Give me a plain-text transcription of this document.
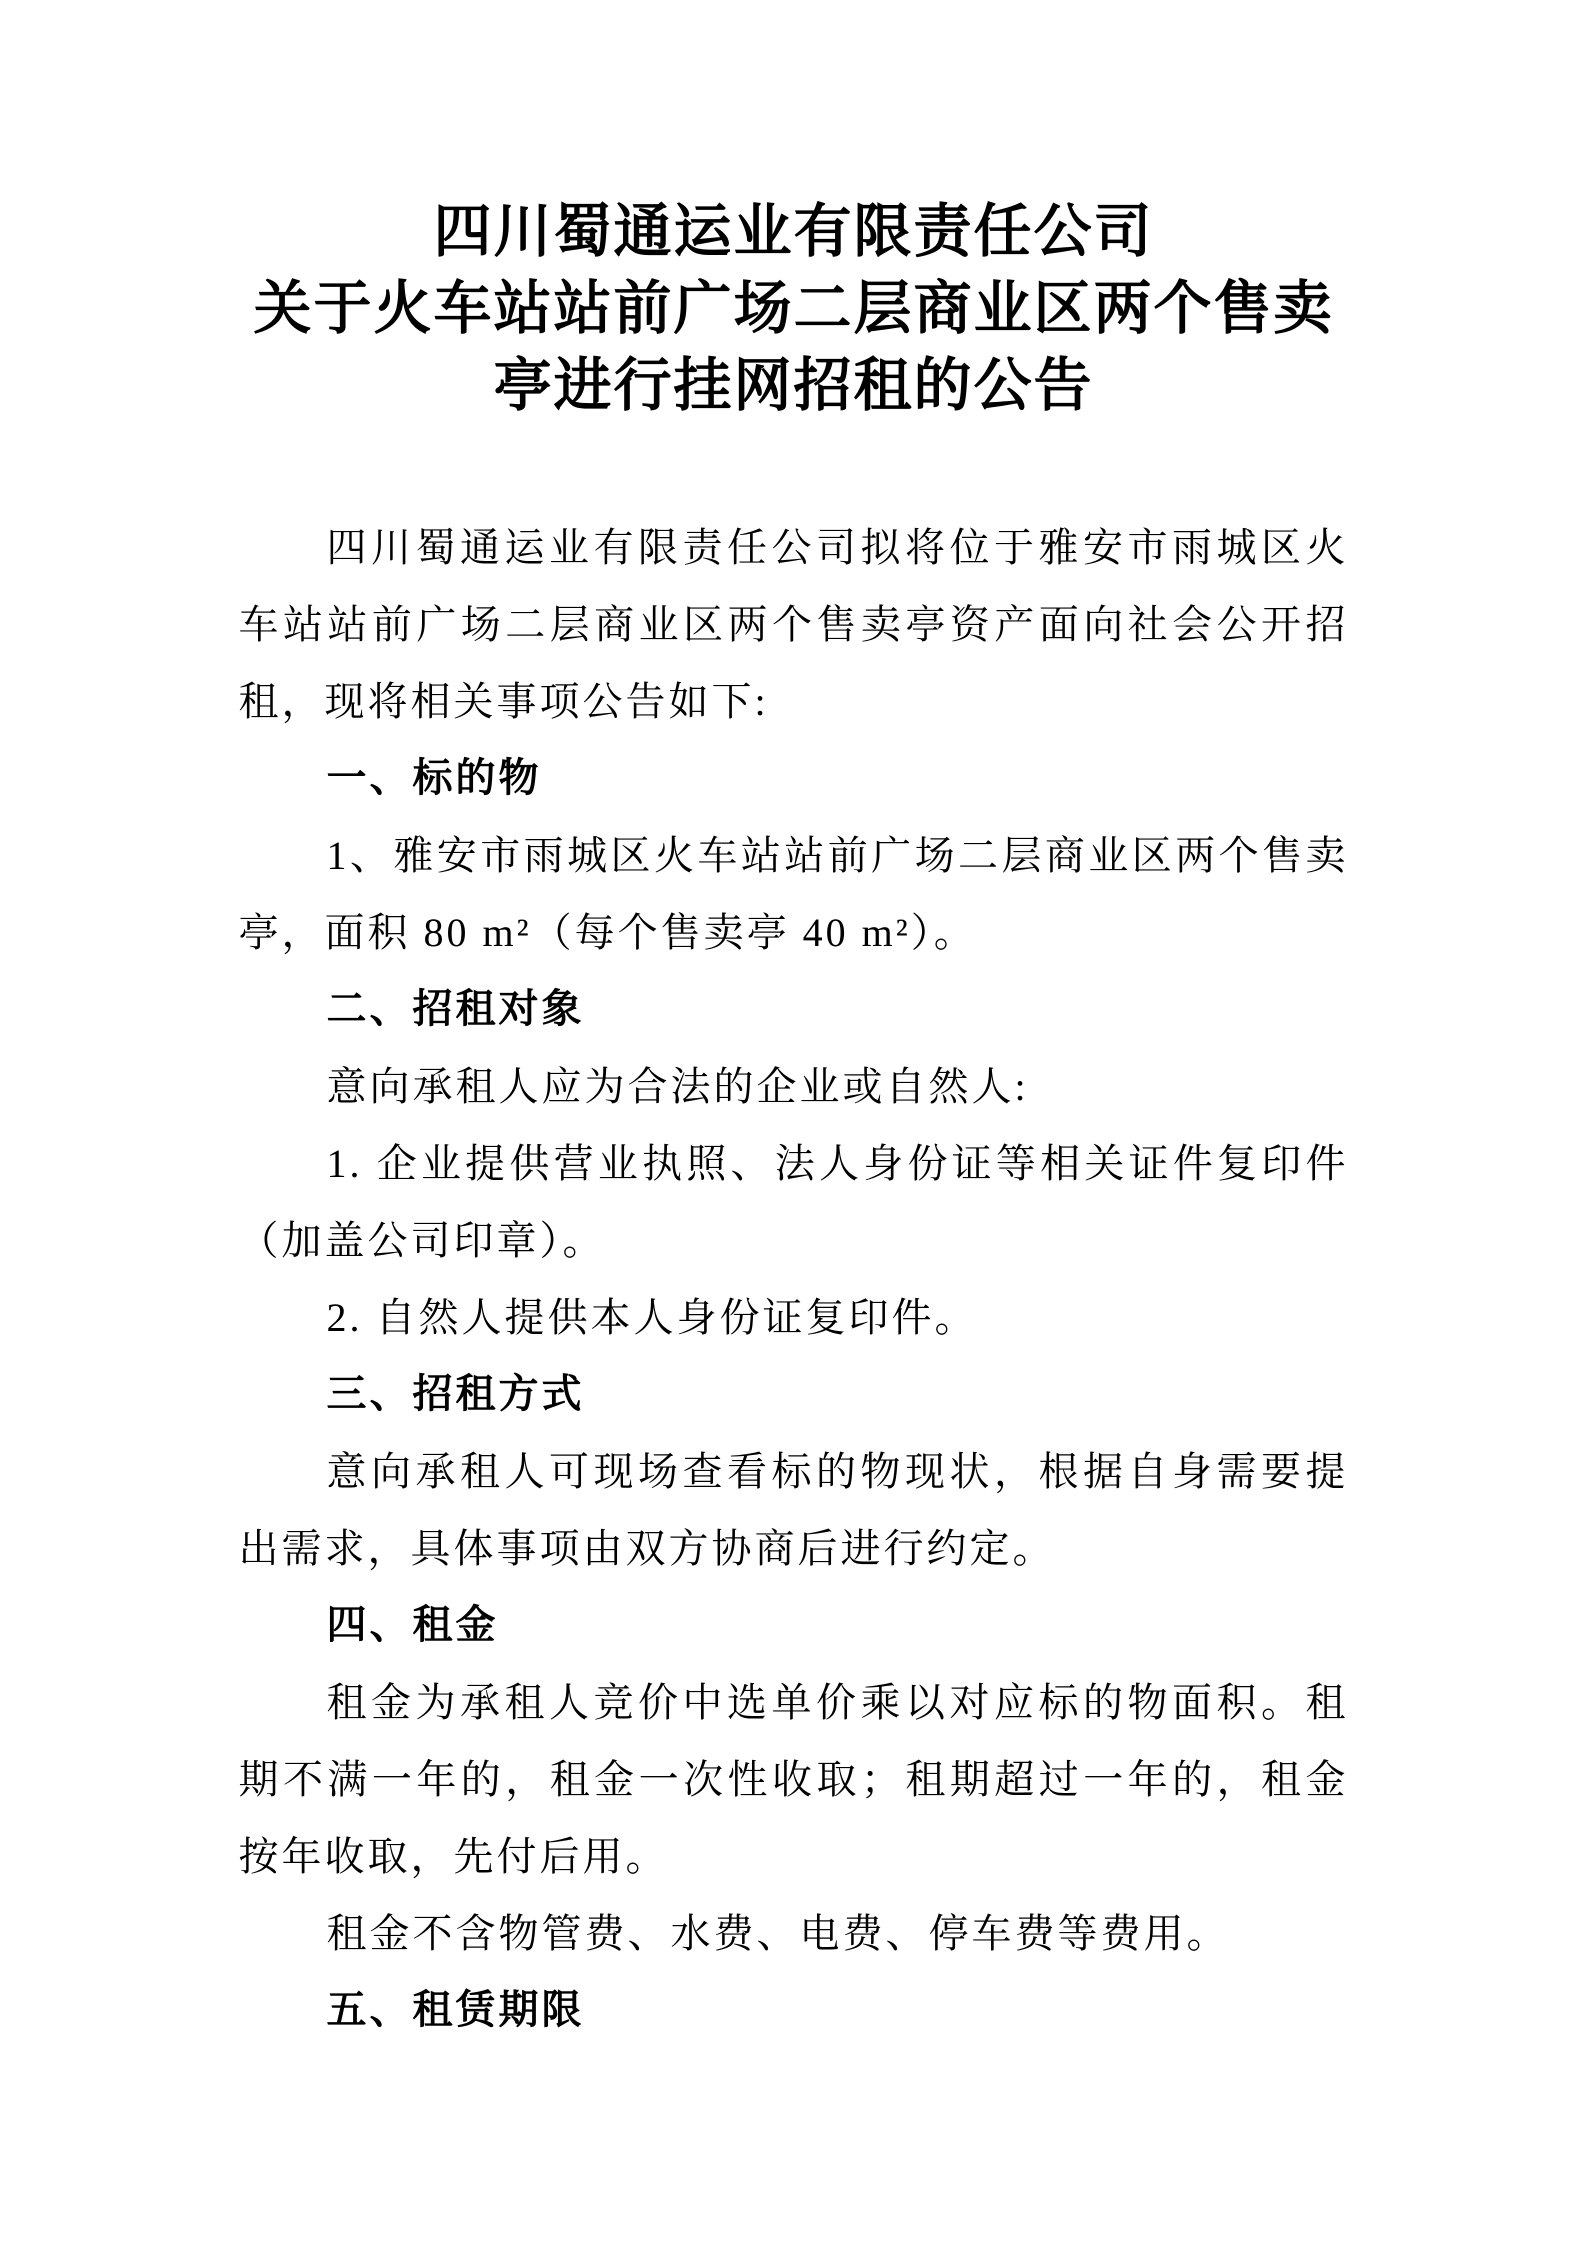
四川蜀通运业有限责任公司
关于火车站站前广场二层商业区两个售卖
亭进行挂网招租的公告

四川蜀通运业有限责任公司拟将位于雅安市雨城区火车站站前广场二层商业区两个售卖亭资产面向社会公开招租，现将相关事项公告如下:

一、标的物

1、雅安市雨城区火车站站前广场二层商业区两个售卖亭，面积 80 m²（每个售卖亭 40 m²）。

二、招租对象

意向承租人应为合法的企业或自然人:

1. 企业提供营业执照、法人身份证等相关证件复印件（加盖公司印章）。

2. 自然人提供本人身份证复印件。

三、招租方式

意向承租人可现场查看标的物现状，根据自身需要提出需求，具体事项由双方协商后进行约定。

四、租金

租金为承租人竞价中选单价乘以对应标的物面积。租期不满一年的，租金一次性收取；租期超过一年的，租金按年收取，先付后用。

租金不含物管费、水费、电费、停车费等费用。

五、租赁期限
